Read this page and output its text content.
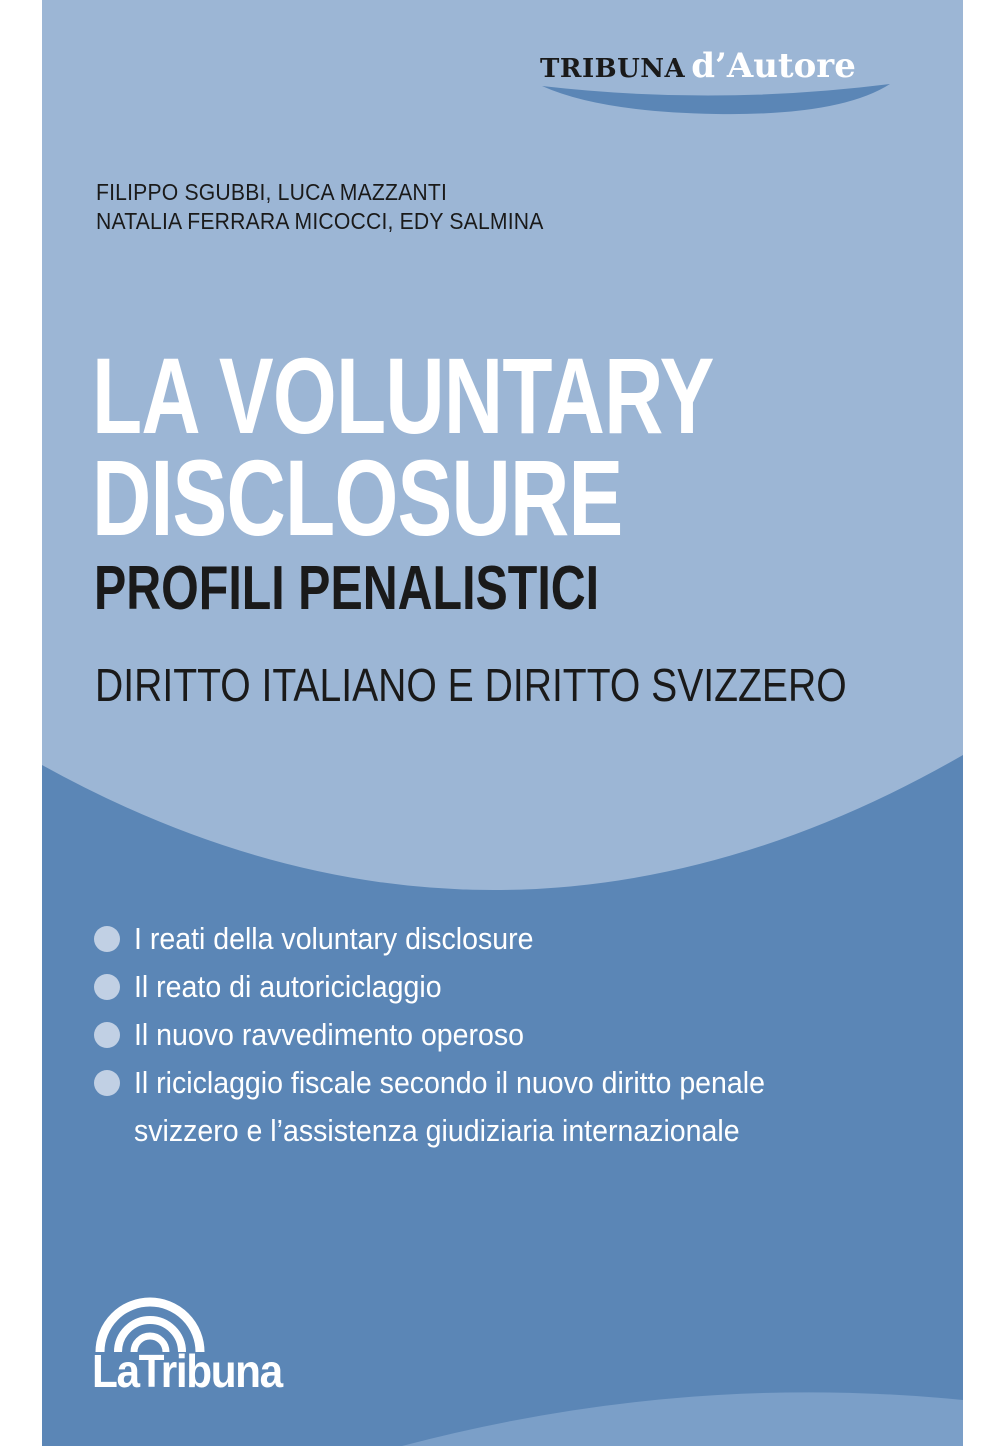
TRIBUNA d’Autore
FILIPPO SGUBBI, LUCA MAZZANTI
NATALIA FERRARA MICOCCI, EDY SALMINA
LA VOLUNTARY
DISCLOSURE
PROFILI PENALISTICI
DIRITTO ITALIANO E DIRITTO SVIZZERO
I reati della voluntary disclosure
Il reato di autoriciclaggio
Il nuovo ravvedimento operoso
Il riciclaggio fiscale secondo il nuovo diritto penale
svizzero e l’assistenza giudiziaria internazionale
LaTribuna
